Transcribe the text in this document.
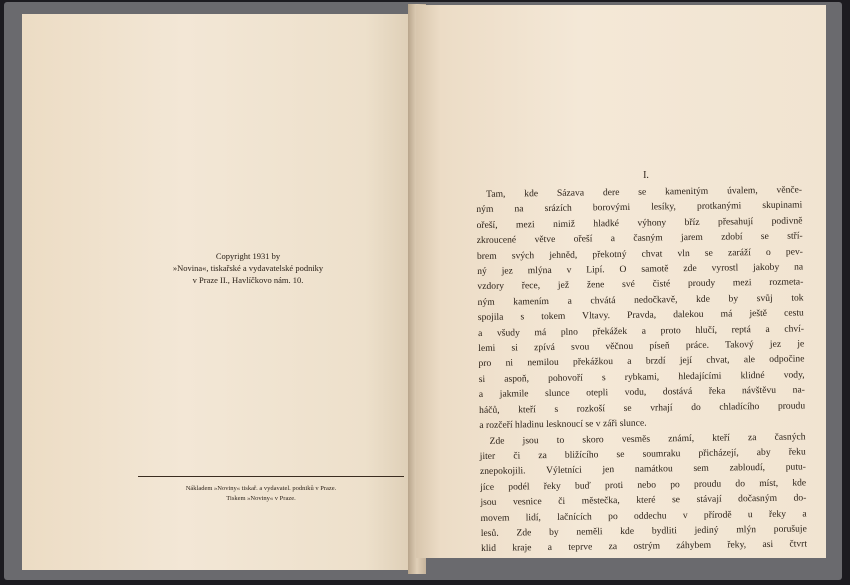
Copyright 1931 by
»Novina«, tiskařské a vydavatelské podniky
v Praze II., Havlíčkovo nám. 10.
Nákladem »Noviny« tiskař. a vydavatel. podniků v Praze.
Tiskem »Noviny« v Praze.
I.
Tam, kde Sázava dere se kamenitým úvalem, věnče-
ným na srázích borovými lesíky, protkanými skupinami
ořeší, mezi nimiž hladké výhony bříz přesahují podivně
zkroucené větve ořeší a časným jarem zdobí se stří-
brem svých jehněd, překotný chvat vln se zaráží o pev-
ný jez mlýna v Lipí. O samotě zde vyrostl jakoby na
vzdory řece, jež žene své čisté proudy mezi rozmeta-
ným kamením a chvátá nedočkavě, kde by svůj tok
spojila s tokem Vltavy. Pravda, dalekou má ještě cestu
a všudy má plno překážek a proto hlučí, reptá a chví-
lemi si zpívá svou věčnou píseň práce. Takový jez je
pro ni nemilou překážkou a brzdí její chvat, ale odpočine
si aspoň, pohovoří s rybkami, hledajícími klidné vody,
a jakmile slunce otepli vodu, dostává řeka návštěvu na-
háčů, kteří s rozkoší se vrhají do chladícího proudu
a rozčeří hladinu lesknoucí se v záři slunce.
Zde jsou to skoro vesměs známí, kteří za časných
jiter či za bližícího se soumraku přicházejí, aby řeku
znepokojili. Výletníci jen namátkou sem zabloudí, putu-
jíce podél řeky buď proti nebo po proudu do míst, kde
jsou vesnice či městečka, které se stávají dočasným do-
movem lidí, lačnících po oddechu v přírodě u řeky a
lesů. Zde by neměli kde bydliti jediný mlýn porušuje
klid kraje a teprve za ostrým záhybem řeky, asi čtvrt
